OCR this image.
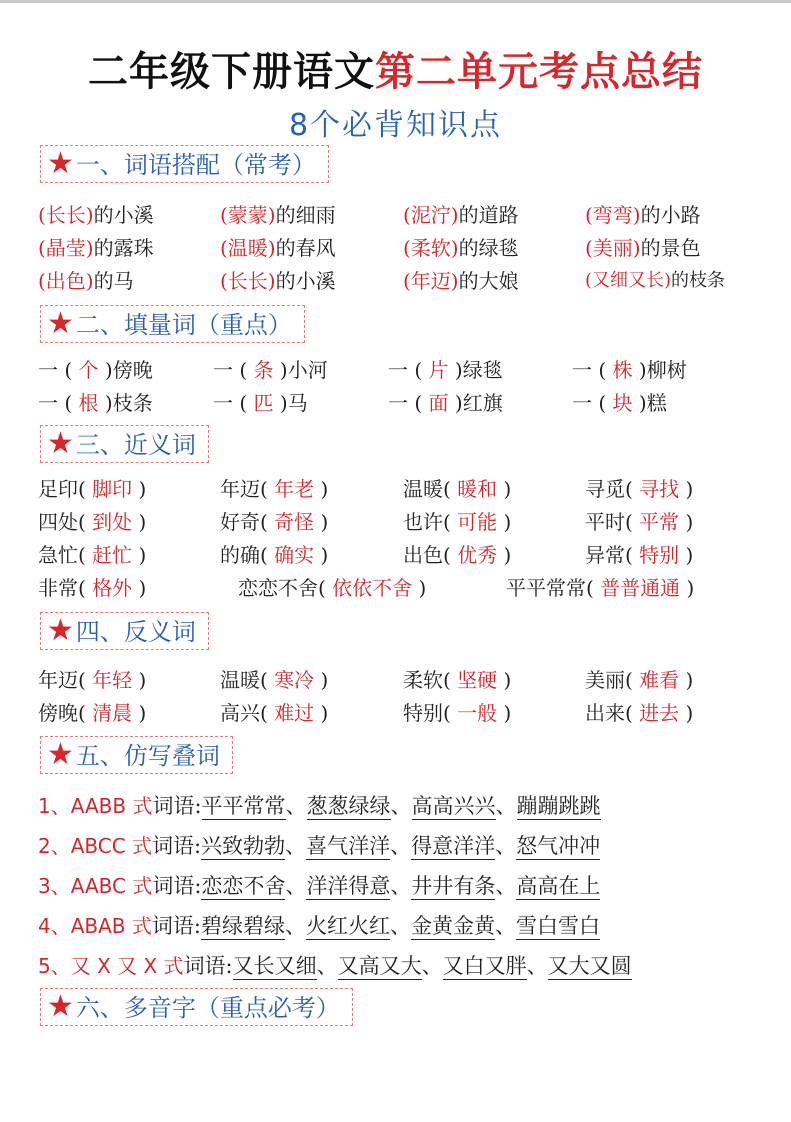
二年级下册语文第二单元考点总结
8个必背知识点
★一、词语搭配（常考）
★二、填量词（重点）
★三、近义词
★四、反义词
★五、仿写叠词
★六、多音字（重点必考）
(长长)的小溪	(蒙蒙)的细雨	(泥泞)的道路	(弯弯)的小路
(晶莹)的露珠	(温暖)的春风	(柔软)的绿毯	(美丽)的景色
(出色)的马	(长长)的小溪	(年迈)的大娘	(又细又长)的枝条
一 ( 个 )傍晚	一 ( 条 )小河	一 ( 片 )绿毯	一 ( 株 )柳树
一 ( 根 )枝条	一 ( 匹 )马	一 ( 面 )红旗	一 ( 块 )糕
足印( 脚印 )	年迈( 年老 )	温暖( 暖和 )	寻觅( 寻找 )
四处( 到处 )	好奇( 奇怪 )	也许( 可能 )	平时( 平常 )
急忙( 赶忙 )	的确( 确实 )	出色( 优秀 )	异常( 特别 )
非常( 格外 )	恋恋不舍( 依依不舍 )	平平常常( 普普通通 )
年迈( 年轻 )	温暖( 寒冷 )	柔软( 坚硬 )	美丽( 难看 )
傍晚( 清晨 )	高兴( 难过 )	特别( 一般 )	出来( 进去 )
1、AABB 式词语:平平常常、葱葱绿绿、高高兴兴、蹦蹦跳跳
2、ABCC 式词语:兴致勃勃、喜气洋洋、得意洋洋、怒气冲冲
3、AABC 式词语:恋恋不舍、洋洋得意、井井有条、高高在上
4、ABAB 式词语:碧绿碧绿、火红火红、金黄金黄、雪白雪白
5、又 X 又 X 式词语:又长又细、又高又大、又白又胖、又大又圆
